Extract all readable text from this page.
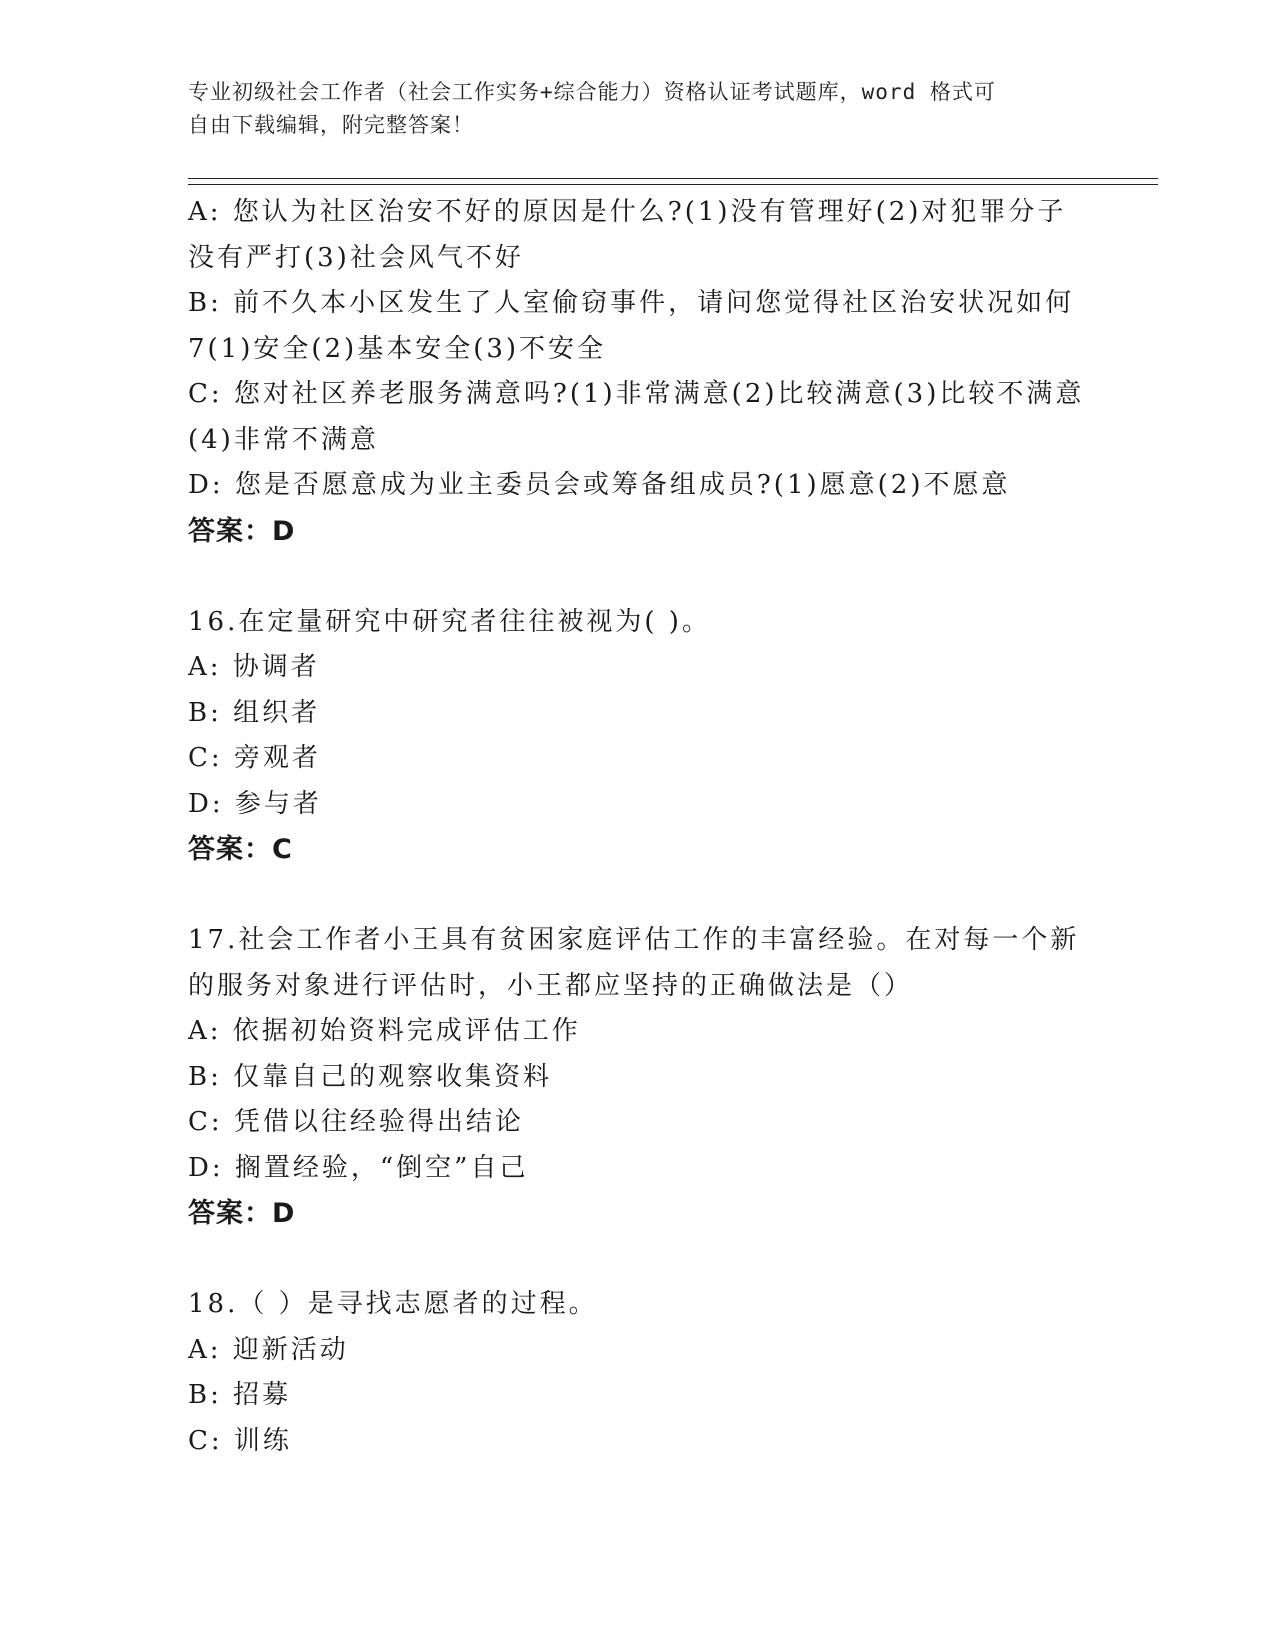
专业初级社会工作者（社会工作实务+综合能力）资格认证考试题库，word 格式可
自由下载编辑，附完整答案！
A: 您认为社区治安不好的原因是什么?(1)没有管理好(2)对犯罪分子
没有严打(3)社会风气不好
B: 前不久本小区发生了人室偷窃事件，请问您觉得社区治安状况如何
7(1)安全(2)基本安全(3)不安全
C: 您对社区养老服务满意吗?(1)非常满意(2)比较满意(3)比较不满意
(4)非常不满意
D: 您是否愿意成为业主委员会或筹备组成员?(1)愿意(2)不愿意
答案：D
16.在定量研究中研究者往往被视为( )。
A: 协调者
B: 组织者
C: 旁观者
D: 参与者
答案：C
17.社会工作者小王具有贫困家庭评估工作的丰富经验。在对每一个新
的服务对象进行评估时，小王都应坚持的正确做法是（）
A: 依据初始资料完成评估工作
B: 仅靠自己的观察收集资料
C: 凭借以往经验得出结论
D: 搁置经验，“倒空”自己
答案：D
18.（ ）是寻找志愿者的过程。
A: 迎新活动
B: 招募
C: 训练
